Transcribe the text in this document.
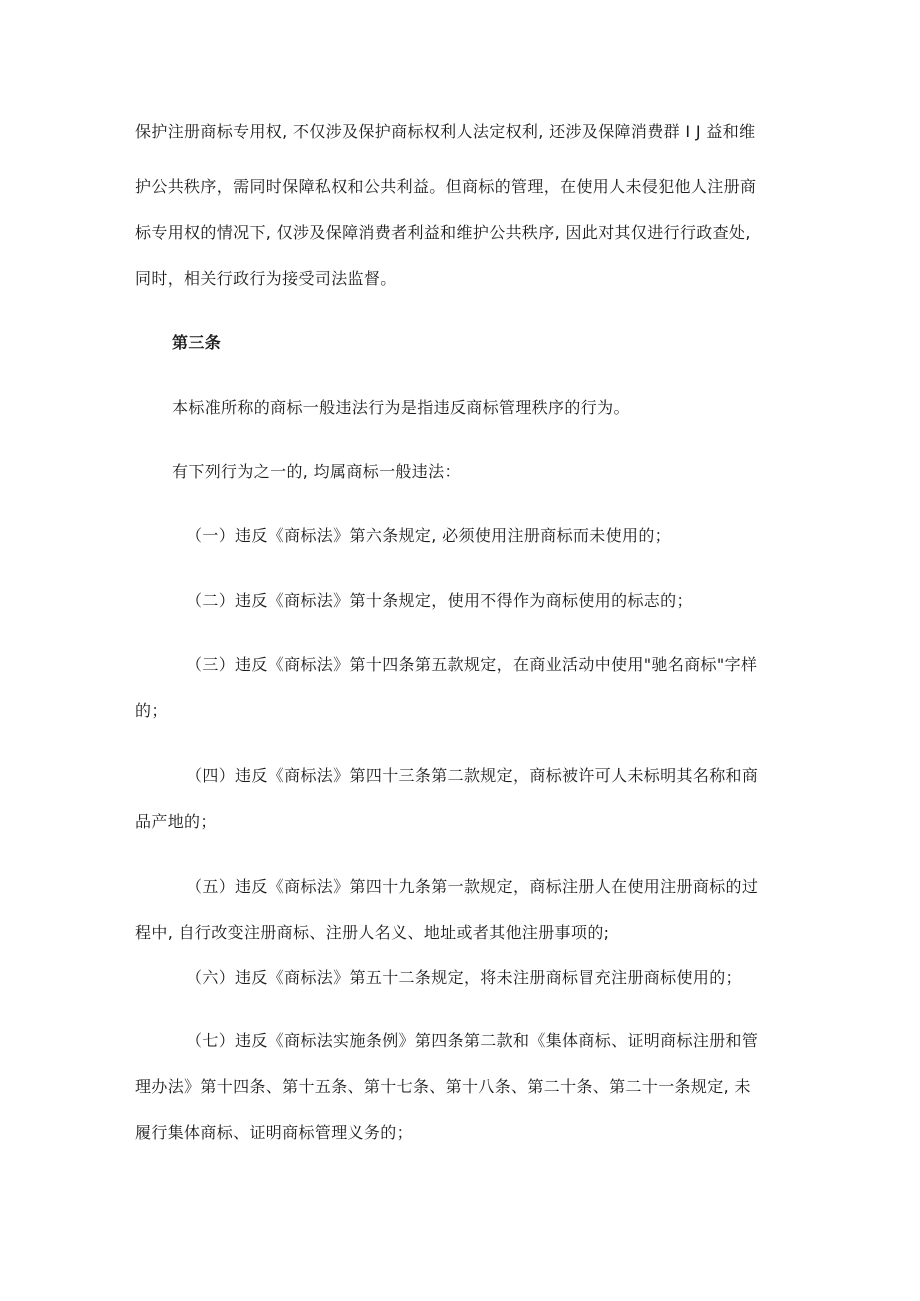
保护注册商标专用权, 不仅涉及保护商标权利人法定权利, 还涉及保障消费群 I J 益和维
护公共秩序，需同时保障私权和公共利益。但商标的管理，在使用人未侵犯他人注册商
标专用权的情况下, 仅涉及保障消费者利益和维护公共秩序, 因此对其仅进行行政查处,
同时，相关行政行为接受司法监督。
第三条
本标准所称的商标一般违法行为是指违反商标管理秩序的行为。
有下列行为之一的, 均属商标一般违法：
（一）违反《商标法》第六条规定, 必须使用注册商标而未使用的；
（二）违反《商标法》第十条规定，使用不得作为商标使用的标志的；
（三）违反《商标法》第十四条第五款规定，在商业活动中使用"驰名商标"字样
的；
（四）违反《商标法》第四十三条第二款规定，商标被许可人未标明其名称和商
品产地的；
（五）违反《商标法》第四十九条第一款规定，商标注册人在使用注册商标的过
程中, 自行改变注册商标、注册人名义、地址或者其他注册事项的;
（六）违反《商标法》第五十二条规定，将未注册商标冒充注册商标使用的；
（七）违反《商标法实施条例》第四条第二款和《集体商标、证明商标注册和管
理办法》第十四条、第十五条、第十七条、第十八条、第二十条、第二十一条规定, 未
履行集体商标、证明商标管理义务的；
